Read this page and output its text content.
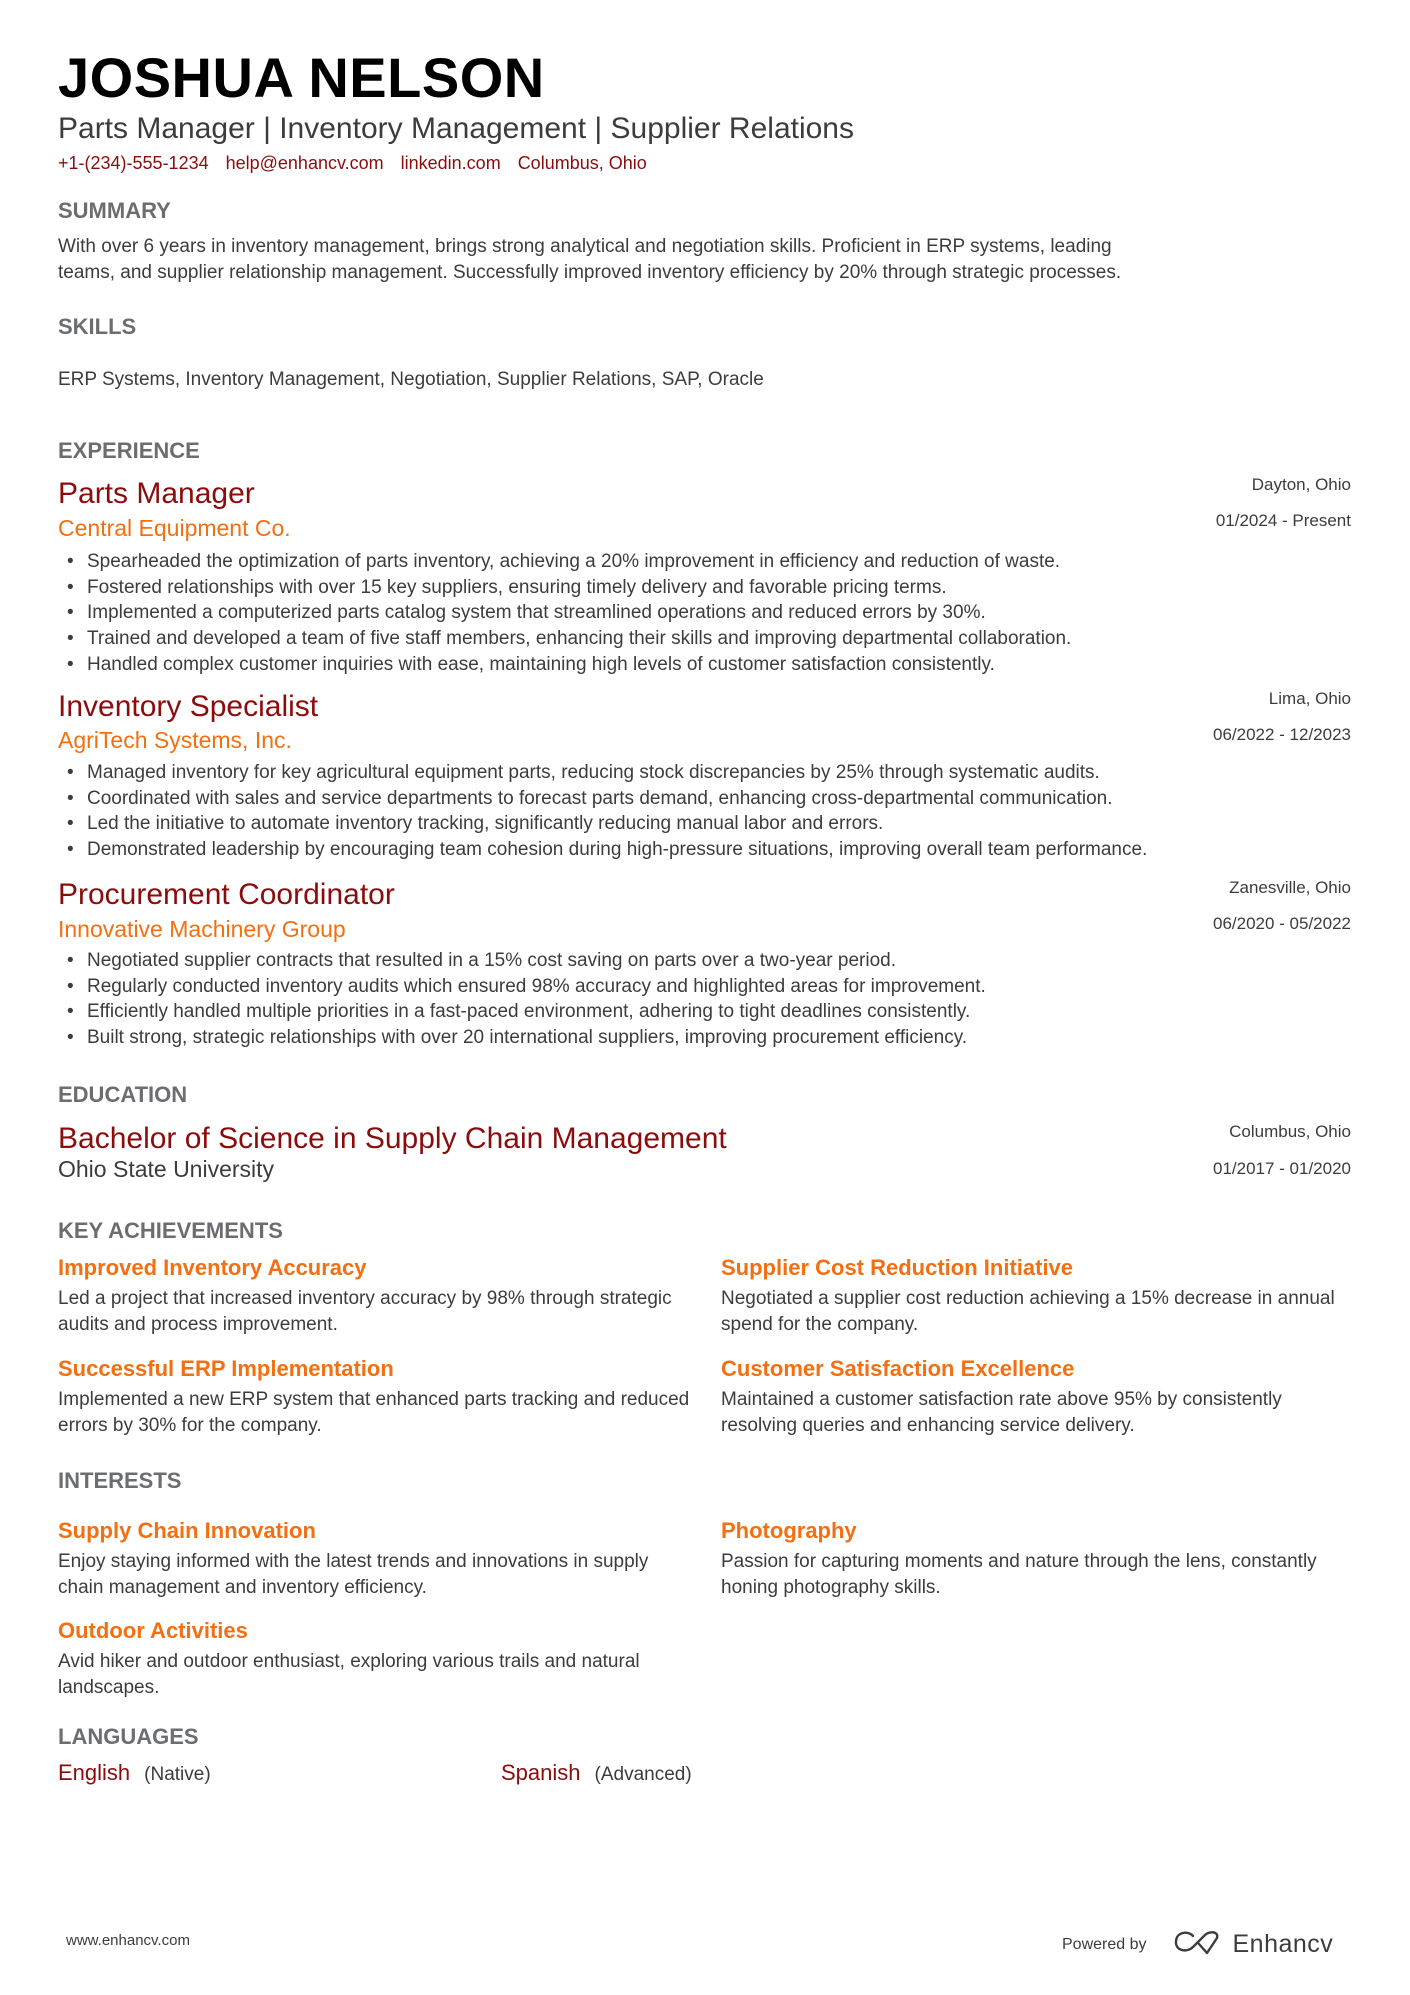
JOSHUA NELSON
Parts Manager | Inventory Management | Supplier Relations
+1-(234)-555-1234 help@enhancv.com linkedin.com Columbus, Ohio
SUMMARY
With over 6 years in inventory management, brings strong analytical and negotiation skills. Proficient in ERP systems, leading
teams, and supplier relationship management. Successfully improved inventory efficiency by 20% through strategic processes.
SKILLS
ERP Systems, Inventory Management, Negotiation, Supplier Relations, SAP, Oracle
EXPERIENCE
Parts Manager
Central Equipment Co.
Dayton, Ohio
01/2024 - Present
• Spearheaded the optimization of parts inventory, achieving a 20% improvement in efficiency and reduction of waste.
• Fostered relationships with over 15 key suppliers, ensuring timely delivery and favorable pricing terms.
• Implemented a computerized parts catalog system that streamlined operations and reduced errors by 30%.
• Trained and developed a team of five staff members, enhancing their skills and improving departmental collaboration.
• Handled complex customer inquiries with ease, maintaining high levels of customer satisfaction consistently.
Inventory Specialist
AgriTech Systems, Inc.
Lima, Ohio
06/2022 - 12/2023
• Managed inventory for key agricultural equipment parts, reducing stock discrepancies by 25% through systematic audits.
• Coordinated with sales and service departments to forecast parts demand, enhancing cross-departmental communication.
• Led the initiative to automate inventory tracking, significantly reducing manual labor and errors.
• Demonstrated leadership by encouraging team cohesion during high-pressure situations, improving overall team performance.
Procurement Coordinator
Innovative Machinery Group
Zanesville, Ohio
06/2020 - 05/2022
• Negotiated supplier contracts that resulted in a 15% cost saving on parts over a two-year period.
• Regularly conducted inventory audits which ensured 98% accuracy and highlighted areas for improvement.
• Efficiently handled multiple priorities in a fast-paced environment, adhering to tight deadlines consistently.
• Built strong, strategic relationships with over 20 international suppliers, improving procurement efficiency.
EDUCATION
Bachelor of Science in Supply Chain Management
Ohio State University
Columbus, Ohio
01/2017 - 01/2020
KEY ACHIEVEMENTS
Improved Inventory Accuracy
Led a project that increased inventory accuracy by 98% through strategic audits and process improvement.
Supplier Cost Reduction Initiative
Negotiated a supplier cost reduction achieving a 15% decrease in annual spend for the company.
Successful ERP Implementation
Implemented a new ERP system that enhanced parts tracking and reduced errors by 30% for the company.
Customer Satisfaction Excellence
Maintained a customer satisfaction rate above 95% by consistently resolving queries and enhancing service delivery.
INTERESTS
Supply Chain Innovation
Enjoy staying informed with the latest trends and innovations in supply chain management and inventory efficiency.
Photography
Passion for capturing moments and nature through the lens, constantly honing photography skills.
Outdoor Activities
Avid hiker and outdoor enthusiast, exploring various trails and natural landscapes.
LANGUAGES
English (Native)	Spanish (Advanced)
www.enhancv.com	Powered by	Enhancv
